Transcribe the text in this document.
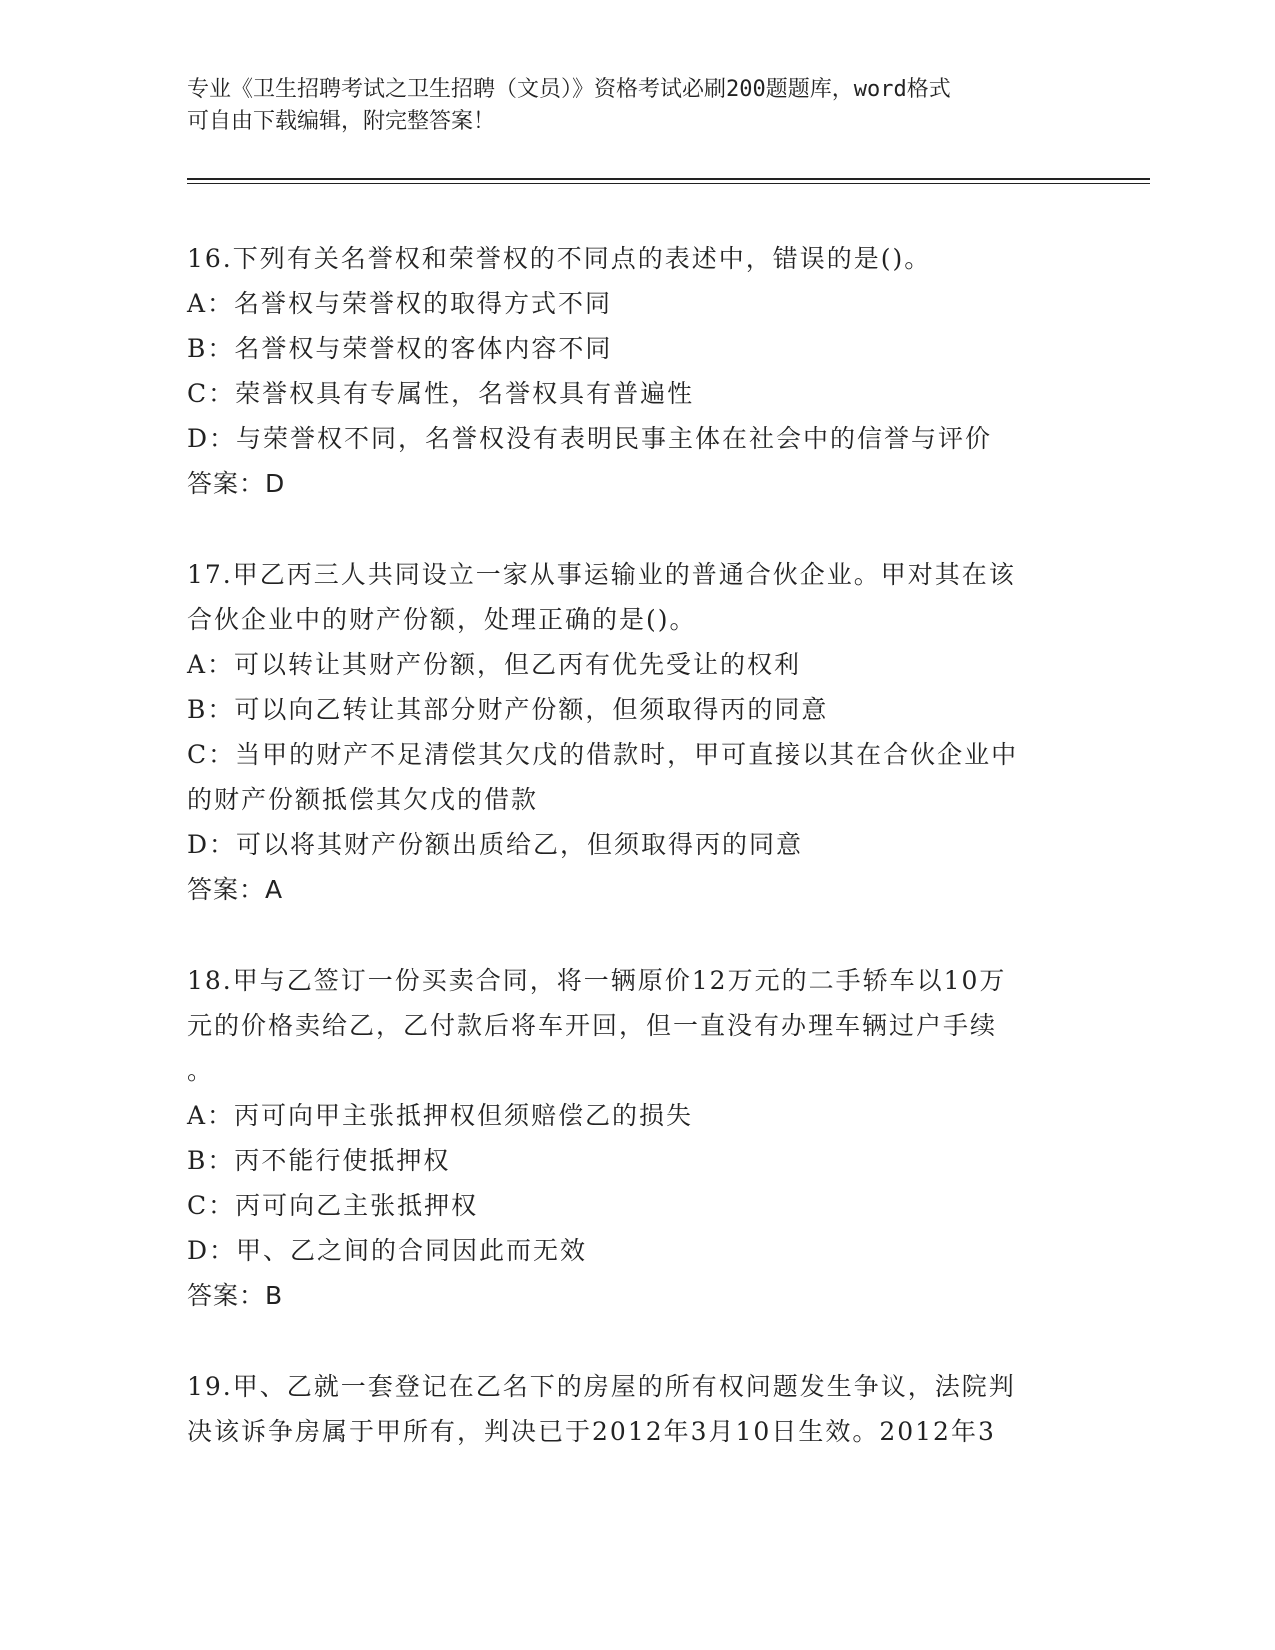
专业《卫生招聘考试之卫生招聘（文员）》资格考试必刷200题题库，word格式
可自由下载编辑，附完整答案！
16.下列有关名誉权和荣誉权的不同点的表述中，错误的是()。
A：名誉权与荣誉权的取得方式不同
B：名誉权与荣誉权的客体内容不同
C：荣誉权具有专属性，名誉权具有普遍性
D：与荣誉权不同，名誉权没有表明民事主体在社会中的信誉与评价
答案：D
17.甲乙丙三人共同设立一家从事运输业的普通合伙企业。甲对其在该
合伙企业中的财产份额，处理正确的是()。
A：可以转让其财产份额，但乙丙有优先受让的权利
B：可以向乙转让其部分财产份额，但须取得丙的同意
C：当甲的财产不足清偿其欠戊的借款时，甲可直接以其在合伙企业中
的财产份额抵偿其欠戊的借款
D：可以将其财产份额出质给乙，但须取得丙的同意
答案：A
18.甲与乙签订一份买卖合同，将一辆原价12万元的二手轿车以10万
元的价格卖给乙，乙付款后将车开回，但一直没有办理车辆过户手续
。
A：丙可向甲主张抵押权但须赔偿乙的损失
B：丙不能行使抵押权
C：丙可向乙主张抵押权
D：甲、乙之间的合同因此而无效
答案：B
19.甲、乙就一套登记在乙名下的房屋的所有权问题发生争议，法院判
决该诉争房属于甲所有，判决已于2012年3月10日生效。2012年3
